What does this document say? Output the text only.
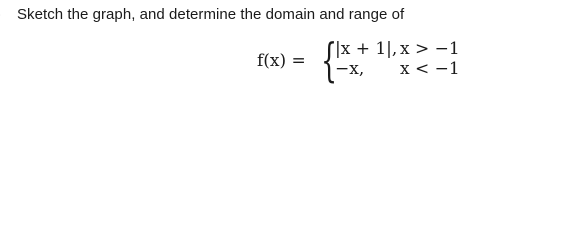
Sketch the graph, and determine the domain and range of
f(x) = {
|x + 1|, x > −1
−x, x < −1
